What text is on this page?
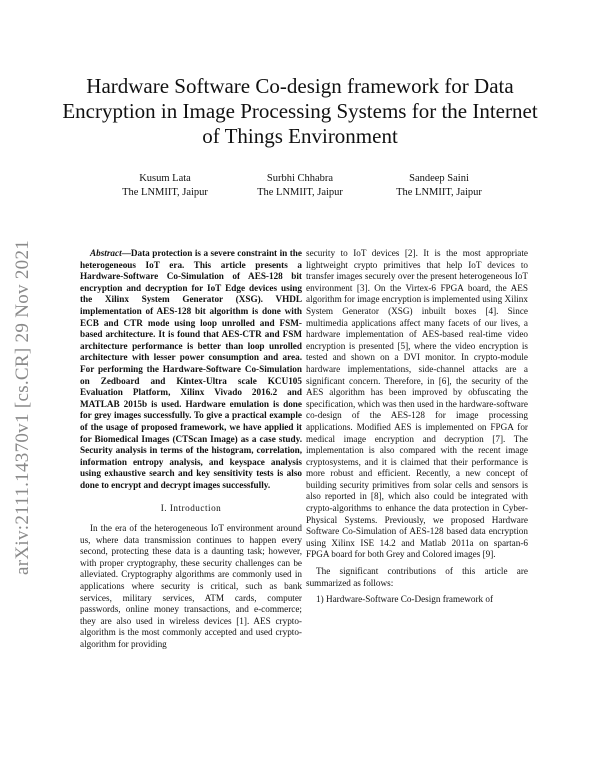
arXiv:2111.14370v1 [cs.CR] 29 Nov 2021
Hardware Software Co-design framework for Data Encryption in Image Processing Systems for the Internet of Things Environment
Kusum Lata
The LNMIIT, Jaipur
Surbhi Chhabra
The LNMIIT, Jaipur
Sandeep Saini
The LNMIIT, Jaipur

Abstract—Data protection is a severe constraint in the heterogeneous IoT era. This article presents a Hardware-Software Co-Simulation of AES-128 bit encryption and decryption for IoT Edge devices using the Xilinx System Generator (XSG). VHDL implementation of AES-128 bit algorithm is done with ECB and CTR mode using loop unrolled and FSM-based architecture. It is found that AES-CTR and FSM architecture performance is better than loop unrolled architecture with lesser power consumption and area. For performing the Hardware-Software Co-Simulation on Zedboard and Kintex-Ultra scale KCU105 Evaluation Platform, Xilinx Vivado 2016.2 and MATLAB 2015b is used. Hardware emulation is done for grey images successfully. To give a practical example of the usage of proposed framework, we have applied it for Biomedical Images (CTScan Image) as a case study. Security analysis in terms of the histogram, correlation, information entropy analysis, and keyspace analysis using exhaustive search and key sensitivity tests is also done to encrypt and decrypt images successfully.

I. Introduction

In the era of the heterogeneous IoT environment around us, where data transmission continues to happen every second, protecting these data is a daunting task; however, with proper cryptography, these security challenges can be alleviated. Cryptography algorithms are commonly used in applications where security is critical, such as bank services, military services, ATM cards, computer passwords, online money transactions, and e-commerce; they are also used in wireless devices [1]. AES crypto-algorithm is the most commonly accepted and used crypto-algorithm for providing

security to IoT devices [2]. It is the most appropriate lightweight crypto primitives that help IoT devices to transfer images securely over the present heterogeneous IoT environment [3]. On the Virtex-6 FPGA board, the AES algorithm for image encryption is implemented using Xilinx System Generator (XSG) inbuilt boxes [4]. Since multimedia applications affect many facets of our lives, a hardware implementation of AES-based real-time video encryption is presented [5], where the video encryption is tested and shown on a DVI monitor. In crypto-module hardware implementations, side-channel attacks are a significant concern. Therefore, in [6], the security of the AES algorithm has been improved by obfuscating the specification, which was then used in the hardware-software co-design of the AES-128 for image processing applications. Modified AES is implemented on FPGA for medical image encryption and decryption [7]. The implementation is also compared with the recent image cryptosystems, and it is claimed that their performance is more robust and efficient. Recently, a new concept of building security primitives from solar cells and sensors is also reported in [8], which also could be integrated with crypto-algorithms to enhance the data protection in Cyber-Physical Systems. Previously, we proposed Hardware Software Co-Simulation of AES-128 based data encryption using Xilinx ISE 14.2 and Matlab 2011a on spartan-6 FPGA board for both Grey and Colored images [9].

The significant contributions of this article are summarized as follows:

1) Hardware-Software Co-Design framework of
